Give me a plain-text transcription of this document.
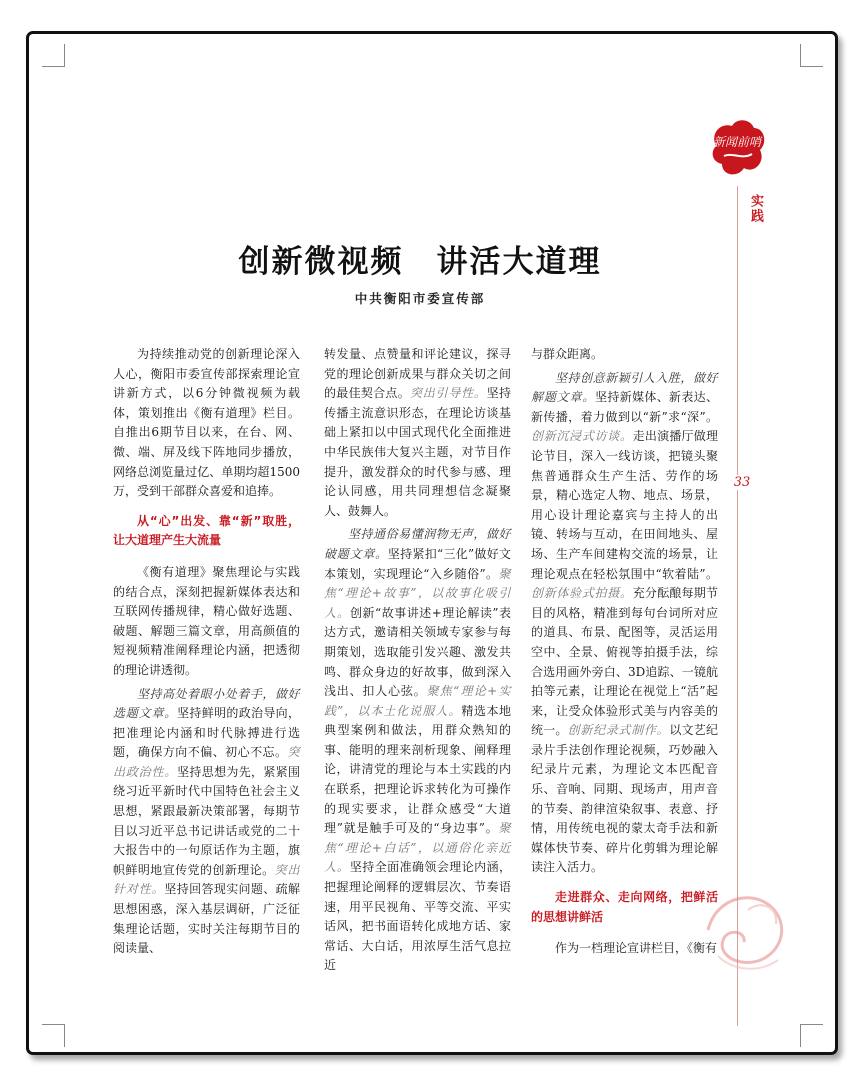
新闻前哨
实践
33
创新微视频　讲活大道理
中共衡阳市委宣传部

为持续推动党的创新理论深入人心，衡阳市委宣传部探索理论宣讲新方式，以6分钟微视频为载体，策划推出《衡有道理》栏目。自推出6期节目以来，在台、网、微、端、屏及线下阵地同步播放，网络总浏览量过亿、单期均超1500万，受到干部群众喜爱和追捧。

从“心”出发、靠“新”取胜，让大道理产生大流量

《衡有道理》聚焦理论与实践的结合点，深刻把握新媒体表达和互联网传播规律，精心做好选题、破题、解题三篇文章，用高颜值的短视频精准阐释理论内涵，把透彻的理论讲透彻。

坚持高处着眼小处着手，做好选题文章。坚持鲜明的政治导向，把准理论内涵和时代脉搏进行选题，确保方向不偏、初心不忘。突出政治性。坚持思想为先，紧紧围绕习近平新时代中国特色社会主义思想，紧跟最新决策部署，每期节目以习近平总书记讲话或党的二十大报告中的一句原话作为主题，旗帜鲜明地宣传党的创新理论。突出针对性。坚持回答现实问题、疏解思想困惑，深入基层调研，广泛征集理论话题，实时关注每期节目的阅读量、

转发量、点赞量和评论建议，探寻党的理论创新成果与群众关切之间的最佳契合点。突出引导性。坚持传播主流意识形态，在理论访谈基础上紧扣以中国式现代化全面推进中华民族伟大复兴主题，对节目作提升，激发群众的时代参与感、理论认同感，用共同理想信念凝聚人、鼓舞人。

坚持通俗易懂润物无声，做好破题文章。坚持紧扣“三化”做好文本策划，实现理论“入乡随俗”。聚焦“理论+故事”，以故事化吸引人。创新“故事讲述+理论解读”表达方式，邀请相关领域专家参与每期策划，选取能引发兴趣、激发共鸣、群众身边的好故事，做到深入浅出、扣人心弦。聚焦“理论+实践”，以本土化说服人。精选本地典型案例和做法，用群众熟知的事、能明的理来剖析现象、阐释理论，讲清党的理论与本土实践的内在联系，把理论诉求转化为可操作的现实要求，让群众感受“大道理”就是触手可及的“身边事”。聚焦“理论+白话”，以通俗化亲近人。坚持全面准确领会理论内涵，把握理论阐释的逻辑层次、节奏语速，用平民视角、平等交流、平实话风，把书面语转化成地方话、家常话、大白话，用浓厚生活气息拉近

与群众距离。

坚持创意新颖引人入胜，做好解题文章。坚持新媒体、新表达、新传播，着力做到以“新”求“深”。创新沉浸式访谈。走出演播厅做理论节目，深入一线访谈，把镜头聚焦普通群众生产生活、劳作的场景，精心选定人物、地点、场景，用心设计理论嘉宾与主持人的出镜、转场与互动，在田间地头、屋场、生产车间建构交流的场景，让理论观点在轻松氛围中“软着陆”。创新体验式拍摄。充分酝酿每期节目的风格，精准到每句台词所对应的道具、布景、配图等，灵活运用空中、全景、俯视等拍摄手法，综合选用画外旁白、3D追踪、一镜航拍等元素，让理论在视觉上“活”起来，让受众体验形式美与内容美的统一。创新纪录式制作。以文艺纪录片手法创作理论视频，巧妙融入纪录片元素，为理论文本匹配音乐、音响、同期、现场声，用声音的节奏、韵律渲染叙事、表意、抒情，用传统电视的蒙太奇手法和新媒体快节奏、碎片化剪辑为理论解读注入活力。

走进群众、走向网络，把鲜活的思想讲鲜活

作为一档理论宣讲栏目，《衡有
